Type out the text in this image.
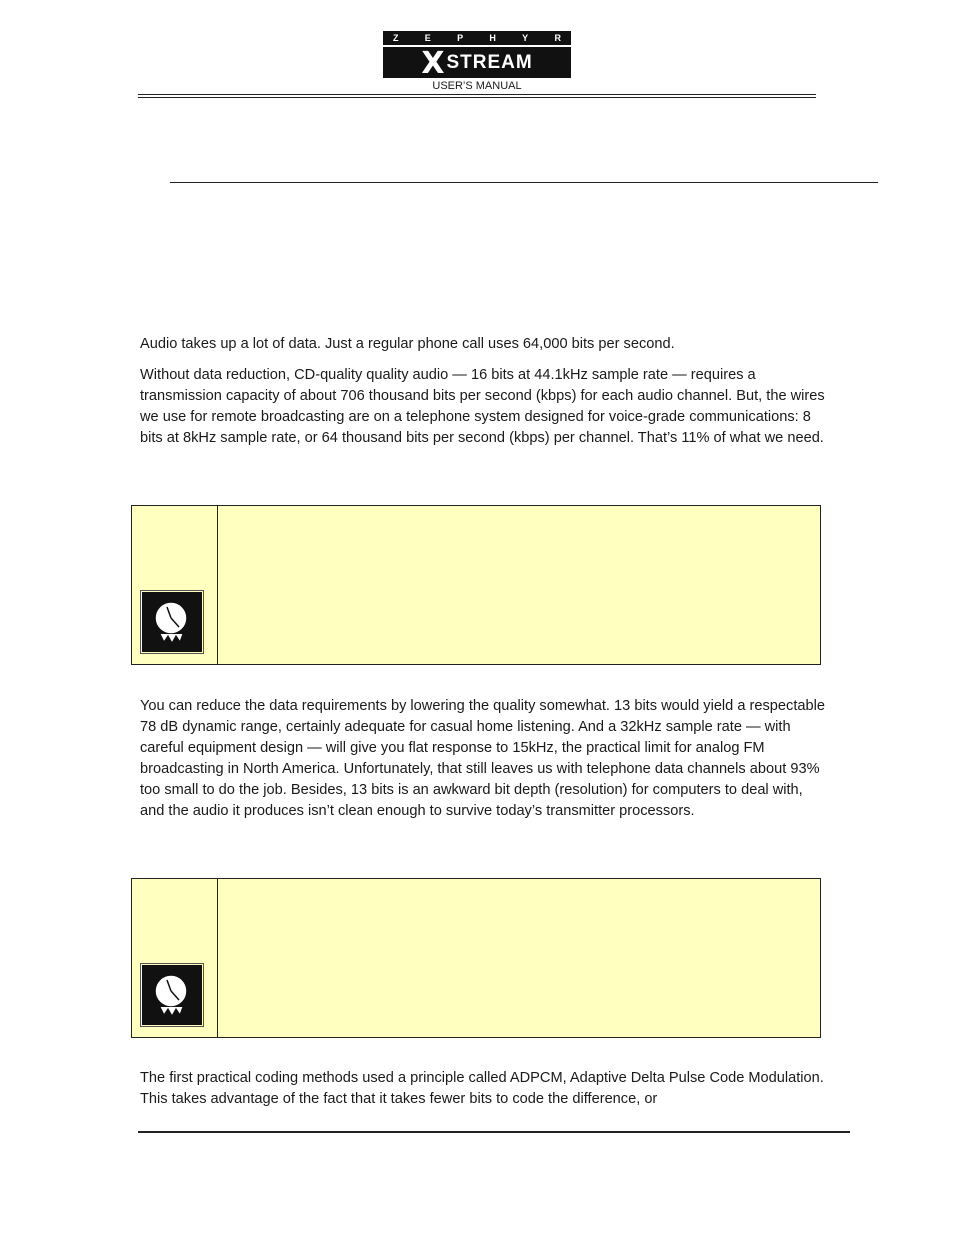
Z	E	P	H	Y	R
X STREAM
USER’S MANUAL

Audio takes up a lot of data. Just a regular phone call uses 64,000 bits per second.

Without data reduction, CD-quality quality audio — 16 bits at 44.1kHz sample rate — requires a transmission capacity of about 706 thousand bits per second (kbps) for each audio channel. But, the wires we use for remote broadcasting are on a telephone system designed for voice-grade communications: 8 bits at 8kHz sample rate, or 64 thousand bits per second (kbps) per channel. That’s 11% of what we need.

You can reduce the data requirements by lowering the quality somewhat. 13 bits would yield a respectable 78 dB dynamic range, certainly adequate for casual home listening. And a 32kHz sample rate — with careful equipment design — will give you flat response to 15kHz, the practical limit for analog FM broadcasting in North America. Unfortunately, that still leaves us with telephone data channels about 93% too small to do the job. Besides, 13 bits is an awkward bit depth (resolution) for computers to deal with, and the audio it produces isn’t clean enough to survive today’s transmitter processors.

The first practical coding methods used a principle called ADPCM, Adaptive Delta Pulse Code Modulation. This takes advantage of the fact that it takes fewer bits to code the difference, or
